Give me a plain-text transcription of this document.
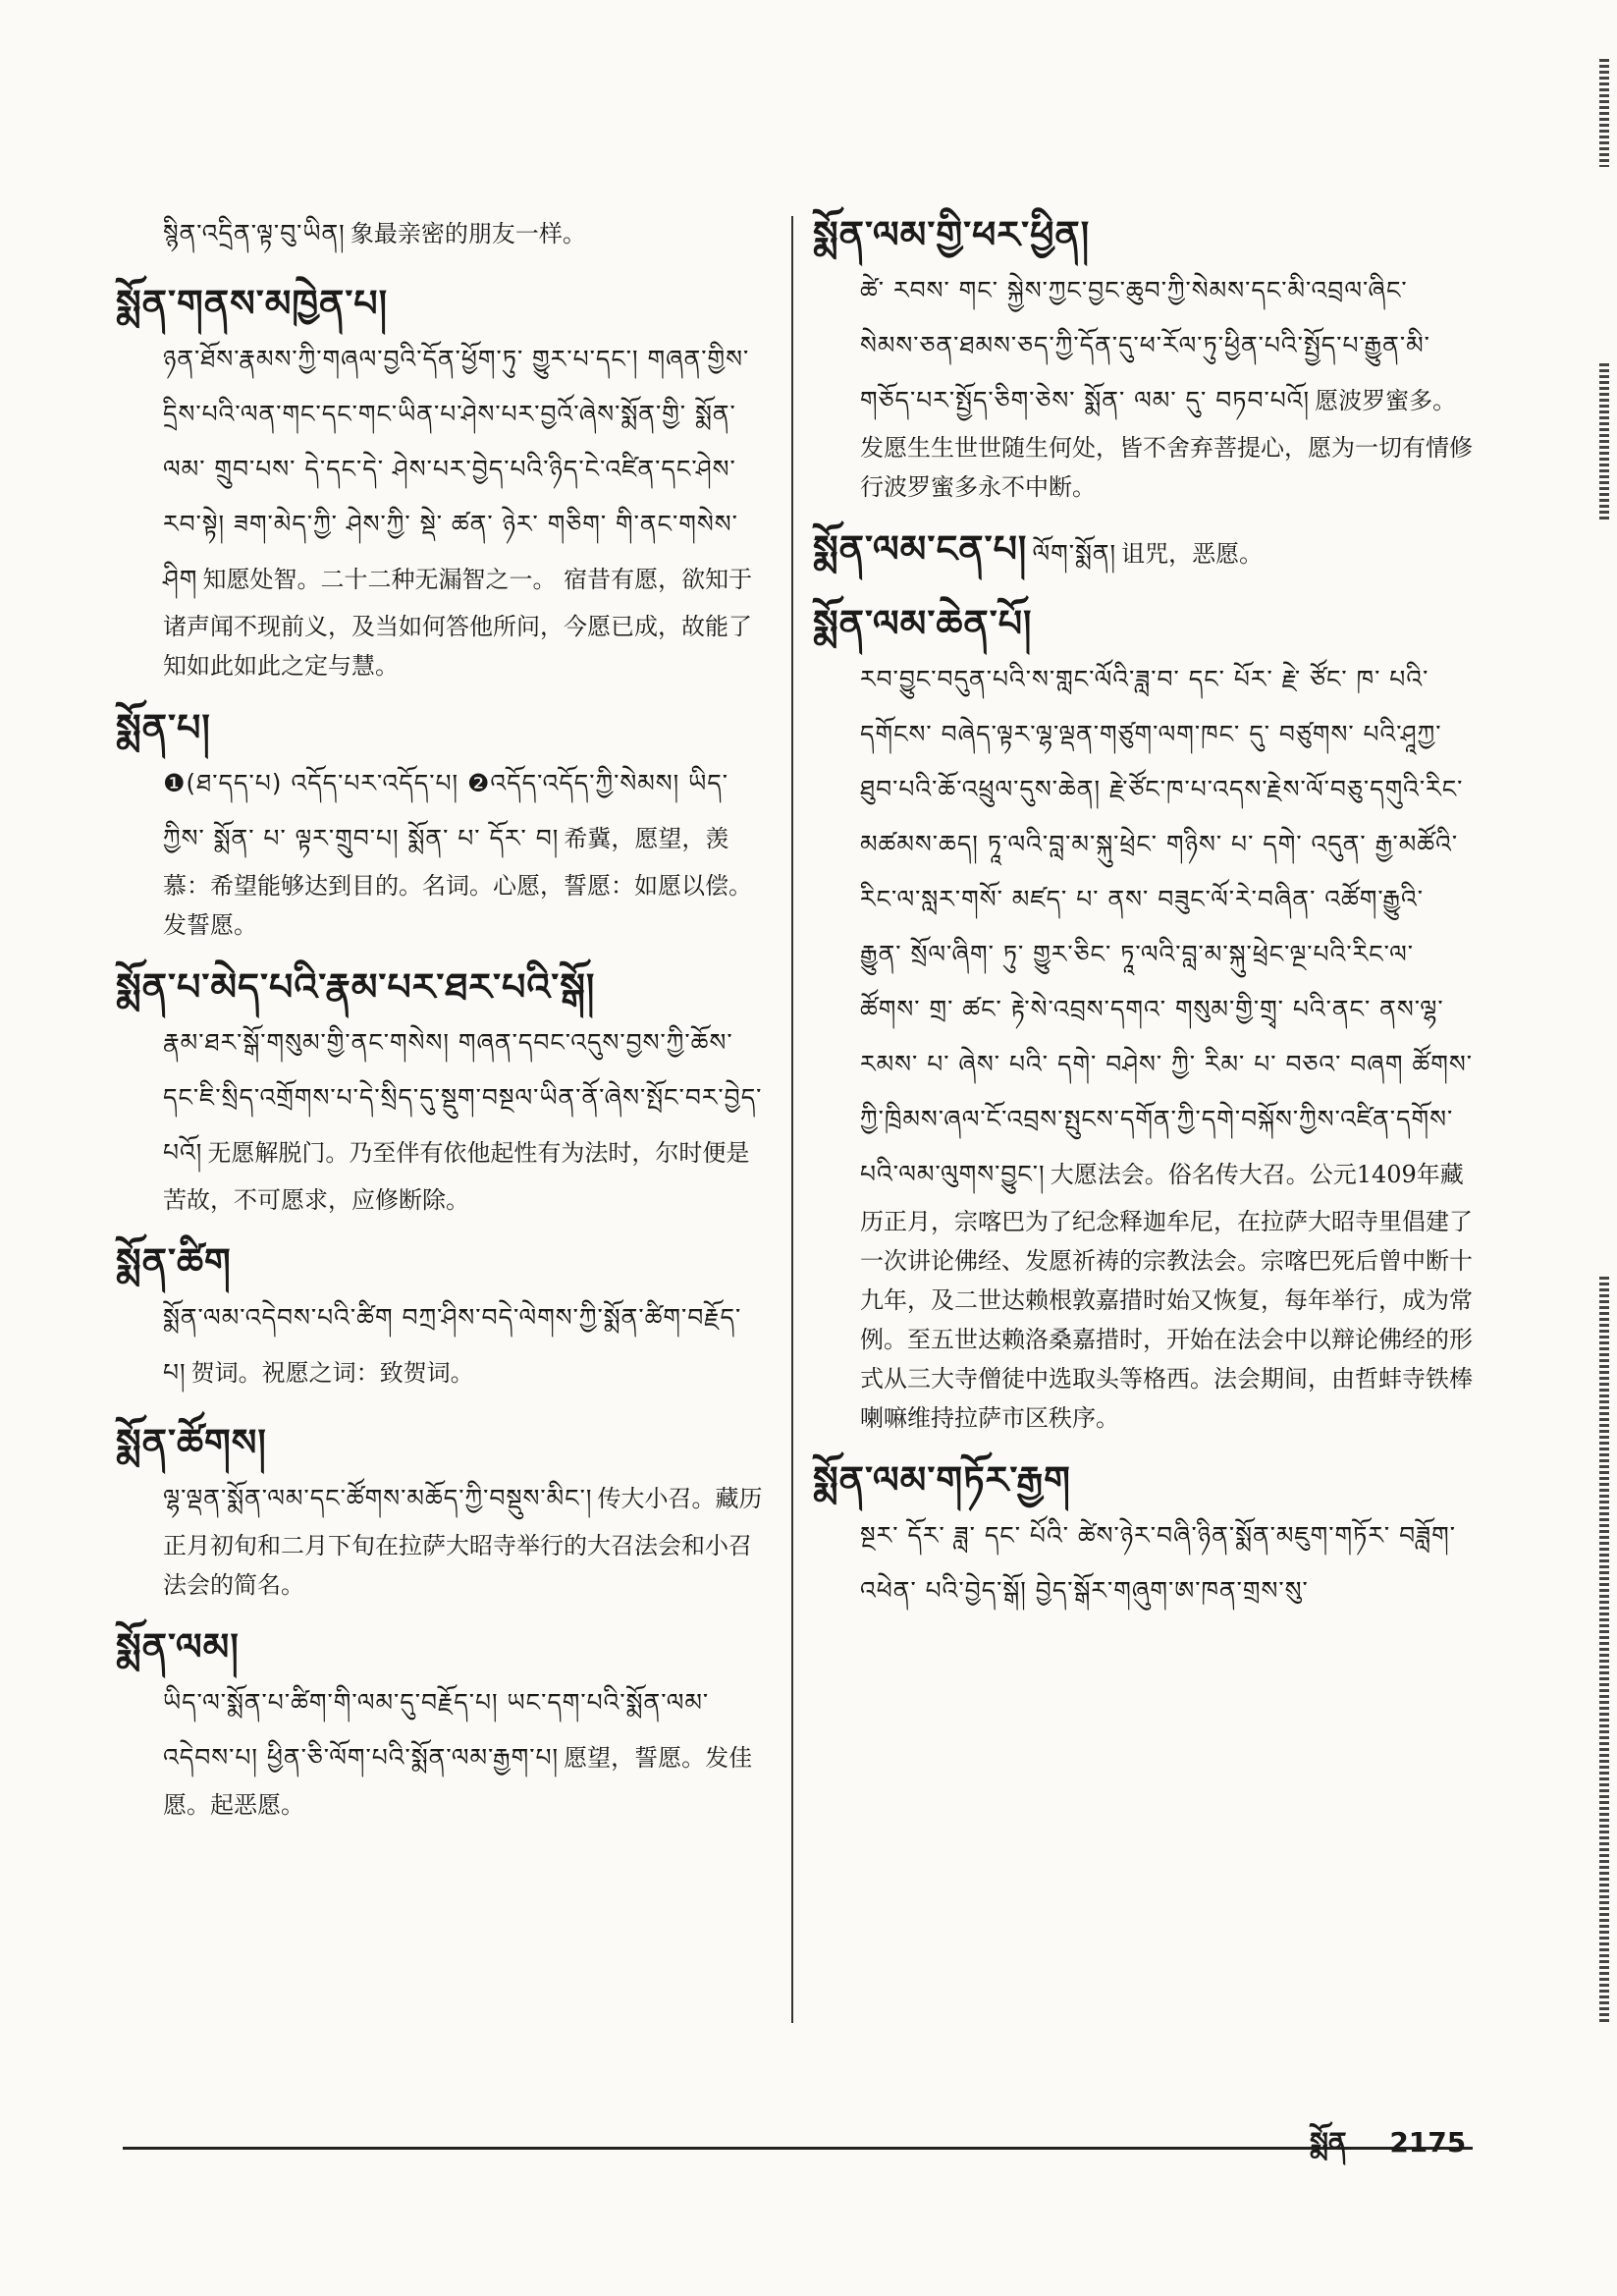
སྙིན་འདྲིན་ལྟ་བུ་ཡིན། 象最亲密的朋友一样。
སྨོན་གནས་མཁྱེན་པ།
ཉན་ཐོས་རྣམས་ཀྱི་གཞལ་བྱའི་དོན་ཕྱོག་ཏུ་ གྱུར་པ་དང་། གཞན་གྱིས་དྲིས་པའི་ལན་གང་དང་གང་ཡིན་པ་ཤེས་པར་བྱའོ་ཞེས་སྨོན་གྱི་ སྨོན་ ལམ་ གྲུབ་པས་ དེ་དང་དེ་ ཤེས་པར་བྱེད་པའི་ཉིད་ངེ་འཛིན་དང་ཤེས་རབ་སྟེ། ཟག་མེད་ཀྱི་ ཤེས་ཀྱི་ སྡེ་ ཚན་ ཉེར་ གཅིག་ གི་ནང་གསེས་ཤིག 知愿处智。二十二种无漏智之一。 宿昔有愿，欲知于诸声闻不现前义，及当如何答他所问，今愿已成，故能了知如此如此之定与慧。
སྨོན་པ།
❶(ཐ་དད་པ) འདོད་པར་འདོད་པ། ❷འདོད་འདོད་ཀྱི་སེམས། ཡིད་ཀྱིས་ སྨོན་ པ་ ལྟར་གྲུབ་པ། སྨོན་ པ་ དོར་ བ། 希冀，愿望，羡慕：希望能够达到目的。名词。心愿，誓愿：如愿以偿。发誓愿。
སྨོན་པ་མེད་པའི་རྣམ་པར་ཐར་པའི་སྒོ།
རྣམ་ཐར་སྒོ་གསུམ་གྱི་ནང་གསེས། གཞན་དབང་འདུས་བྱས་ཀྱི་ཆོས་དང་ཇི་སྲིད་འགྲོགས་པ་དེ་སྲིད་དུ་སྡུག་བསྔལ་ཡིན་ནོ་ཞེས་སྤོང་བར་བྱེད་པའོ། 无愿解脱门。乃至伴有依他起性有为法时，尔时便是苦故，不可愿求，应修断除。
སྨོན་ཚིག
སྨོན་ལམ་འདེབས་པའི་ཚིག བཀྲ་ཤིས་བདེ་ལེགས་ཀྱི་སྨོན་ཚིག་བརྗོད་པ། 贺词。祝愿之词：致贺词。
སྨོན་ཚོགས།
ལྷ་ལྡན་སྨོན་ལམ་དང་ཚོགས་མཆོད་ཀྱི་བསྡུས་མིང་། 传大小召。藏历正月初旬和二月下旬在拉萨大昭寺举行的大召法会和小召法会的简名。
སྨོན་ལམ།
ཡིད་ལ་སྨོན་པ་ཚིག་གི་ལམ་དུ་བརྗོད་པ། ཡང་དག་པའི་སྨོན་ལམ་འདེབས་པ། ཕྱིན་ཅི་ལོག་པའི་སྨོན་ལམ་རྒྱག་པ། 愿望，誓愿。发佳愿。起恶愿。
སྨོན་ལམ་གྱི་ཕར་ཕྱིན།
ཚེ་ རབས་ གང་ སྐྱེས་ཀྱང་བྱང་ཆུབ་ཀྱི་སེམས་དང་མི་འབྲལ་ཞིང་ སེམས་ཅན་ཐམས་ཅད་ཀྱི་དོན་དུ་ཕ་རོལ་ཏུ་ཕྱིན་པའི་སྤྱོད་པ་རྒྱུན་མི་གཅོད་པར་སྤྱོད་ཅིག་ཅེས་ སྨོན་ ལམ་ དུ་ བཏབ་པའོ། 愿波罗蜜多。发愿生生世世随生何处，皆不舍弃菩提心，愿为一切有情修行波罗蜜多永不中断。
སྨོན་ལམ་ངན་པ། ལོག་སྨོན། 诅咒，恶愿。
སྨོན་ལམ་ཆེན་པོ།
རབ་བྱུང་བདུན་པའི་ས་གླང་ལོའི་ཟླ་བ་ དང་ པོར་ རྗེ་ ཙོང་ ཁ་ པའི་ དགོངས་ བཞེད་ལྟར་ལྷ་ལྡན་གཙུག་ལག་ཁང་ དུ་ བཙུགས་ པའི་ཤཱཀྱ་ཐུབ་པའི་ཆོ་འཕྲུལ་དུས་ཆེན། རྗེ་ཙོང་ཁ་པ་འདས་རྗེས་ལོ་བཅུ་དགུའི་རིང་མཚམས་ཆད། ཏཱ་ལའི་བླ་མ་སྐུ་ཕྲེང་ གཉིས་ པ་ དགེ་ འདུན་ རྒྱ་མཚོའི་རིང་ལ་སླར་གསོ་ མཛད་ པ་ ནས་ བཟུང་ལོ་རེ་བཞིན་ འཚོག་རྒྱུའི་ རྒྱུན་ སྲོལ་ཞིག་ ཏུ་ གྱུར་ཅིང་ ཏཱ་ལའི་བླ་མ་སྐུ་ཕྲེང་ལྔ་པའི་རིང་ལ་ཚོགས་ གྲ་ ཚང་ རྟེ་སེ་འབྲས་དགའ་ གསུམ་གྱི་གྲྭ་ པའི་ནང་ ནས་ལྷ་ རམས་ པ་ ཞེས་ པའི་ དགེ་ བཤེས་ ཀྱི་ རིམ་ པ་ བཅའ་ བཞག ཚོགས་ཀྱི་ཁྲིམས་ཞལ་ངོ་འབྲས་སྤུངས་དགོན་ཀྱི་དགེ་བསྐོས་ཀྱིས་འཛིན་དགོས་པའི་ལམ་ལུགས་བྱུང་། 大愿法会。俗名传大召。公元1409年藏历正月，宗喀巴为了纪念释迦牟尼，在拉萨大昭寺里倡建了一次讲论佛经、发愿祈祷的宗教法会。宗喀巴死后曾中断十九年，及二世达赖根敦嘉措时始又恢复，每年举行，成为常例。至五世达赖洛桑嘉措时，开始在法会中以辩论佛经的形式从三大寺僧徒中选取头等格西。法会期间，由哲蚌寺铁棒喇嘛维持拉萨市区秩序。
སྨོན་ལམ་གཏོར་རྒྱག
སྔར་ དོར་ ཟླ་ དང་ པོའི་ ཚེས་ཉེར་བཞི་ཉིན་སྨོན་མཇུག་གཏོར་ བཟློག་ འཕེན་ པའི་བྱེད་སྒོ། བྱེད་སྒོར་གཞུག་ཨ་ཁན་གྲས་སུ་
སྨོན 2175
